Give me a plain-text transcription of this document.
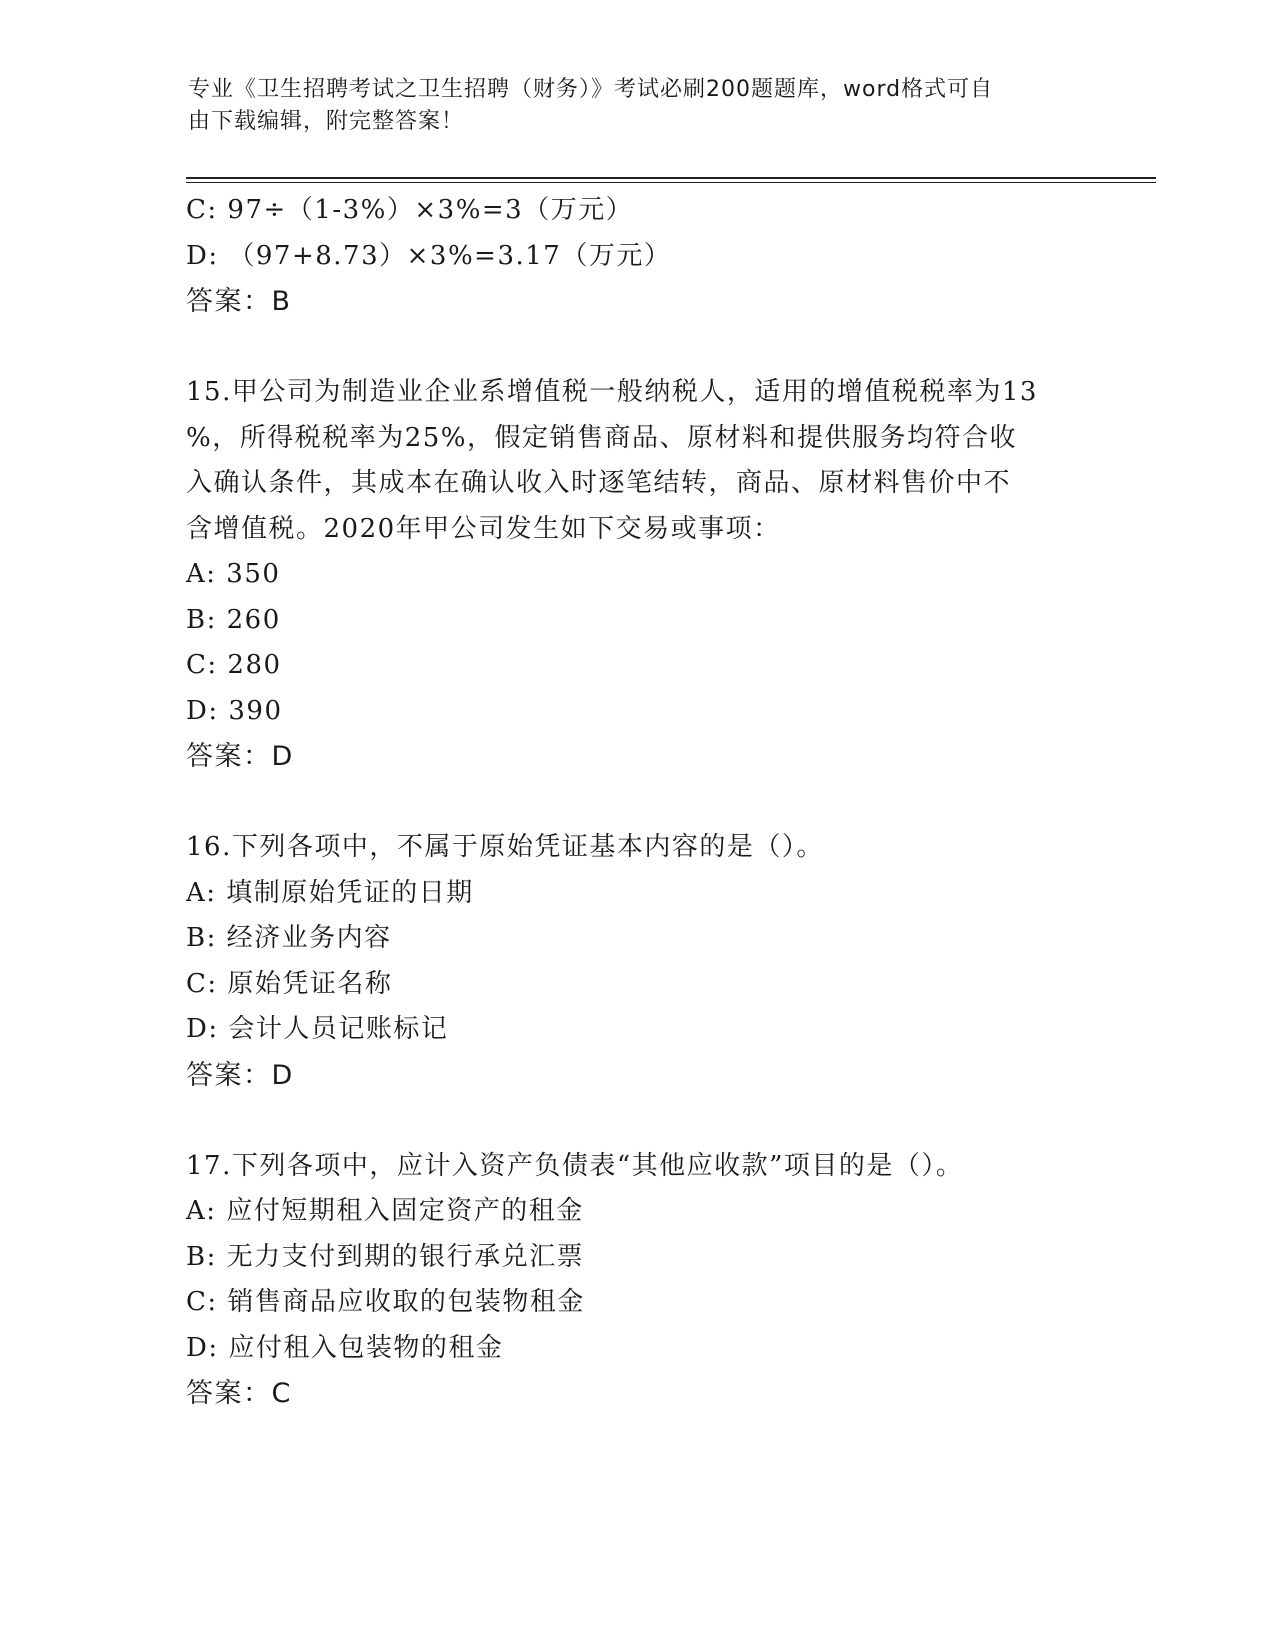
专业《卫生招聘考试之卫生招聘（财务）》考试必刷200题题库，word格式可自
由下载编辑，附完整答案！
C: 97÷（1-3%）×3%=3（万元）
D: （97+8.73）×3%=3.17（万元）
答案：B
15.甲公司为制造业企业系增值税一般纳税人，适用的增值税税率为13
%，所得税税率为25%，假定销售商品、原材料和提供服务均符合收
入确认条件，其成本在确认收入时逐笔结转，商品、原材料售价中不
含增值税。2020年甲公司发生如下交易或事项：
A: 350
B: 260
C: 280
D: 390
答案：D
16.下列各项中，不属于原始凭证基本内容的是（）。
A: 填制原始凭证的日期
B: 经济业务内容
C: 原始凭证名称
D: 会计人员记账标记
答案：D
17.下列各项中，应计入资产负债表“其他应收款”项目的是（）。
A: 应付短期租入固定资产的租金
B: 无力支付到期的银行承兑汇票
C: 销售商品应收取的包装物租金
D: 应付租入包装物的租金
答案：C
